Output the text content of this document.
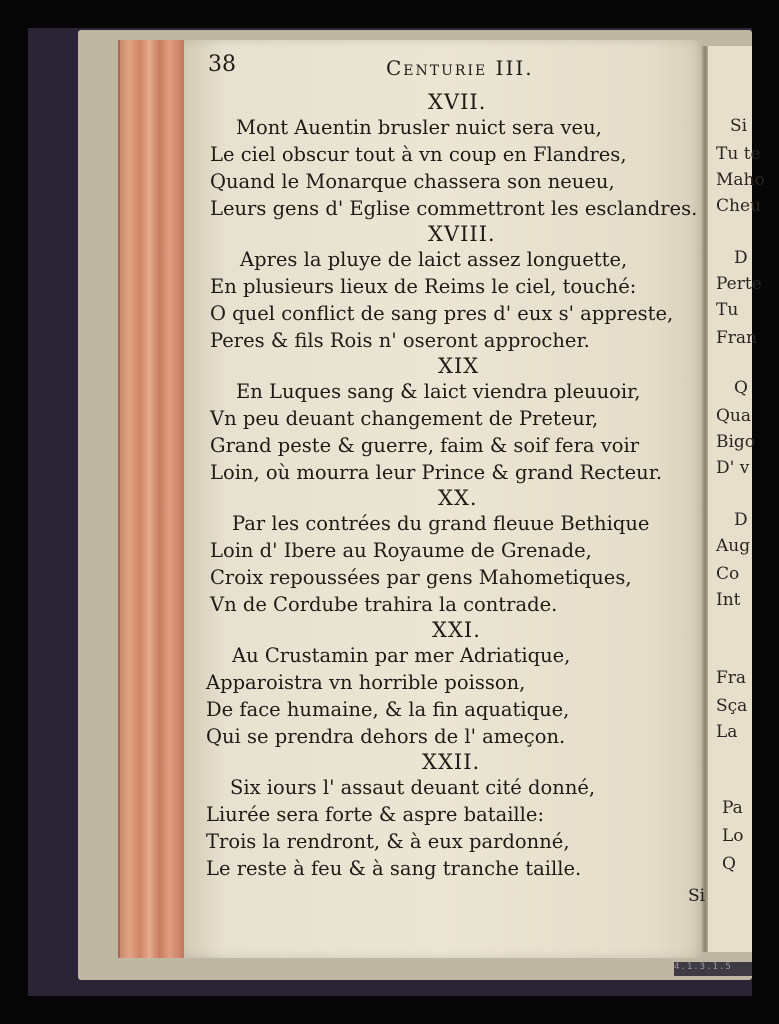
Si
Tu te
Maho
Cheu
D
Perte
Tu
Fran
Q
Qua
Bigo
D' v
D
Aug
Co
Int
Fra
Sça
La
Pa
Lo
Q
Si
4.1.3.1.5
38	Centurie III.
XVII.
Mont Auentin brusler nuict sera veu,
Le ciel obscur tout à vn coup en Flandres,
Quand le Monarque chassera son neueu,
Leurs gens d' Eglise commettront les esclandres.
XVIII.
Apres la pluye de laict assez longuette,
En plusieurs lieux de Reims le ciel, touché:
O quel conflict de sang pres d' eux s' appreste,
Peres & fils Rois n' oseront approcher.
XIX
En Luques sang & laict viendra pleuuoir,
Vn peu deuant changement de Preteur,
Grand peste & guerre, faim & soif fera voir
Loin, où mourra leur Prince & grand Recteur.
XX.
Par les contrées du grand fleuue Bethique
Loin d' Ibere au Royaume de Grenade,
Croix repoussées par gens Mahometiques,
Vn de Cordube trahira la contrade.
XXI.
Au Crustamin par mer Adriatique,
Apparoistra vn horrible poisson,
De face humaine, & la fin aquatique,
Qui se prendra dehors de l' ameçon.
XXII.
Six iours l' assaut deuant cité donné,
Liurée sera forte & aspre bataille:
Trois la rendront, & à eux pardonné,
Le reste à feu & à sang tranche taille.
